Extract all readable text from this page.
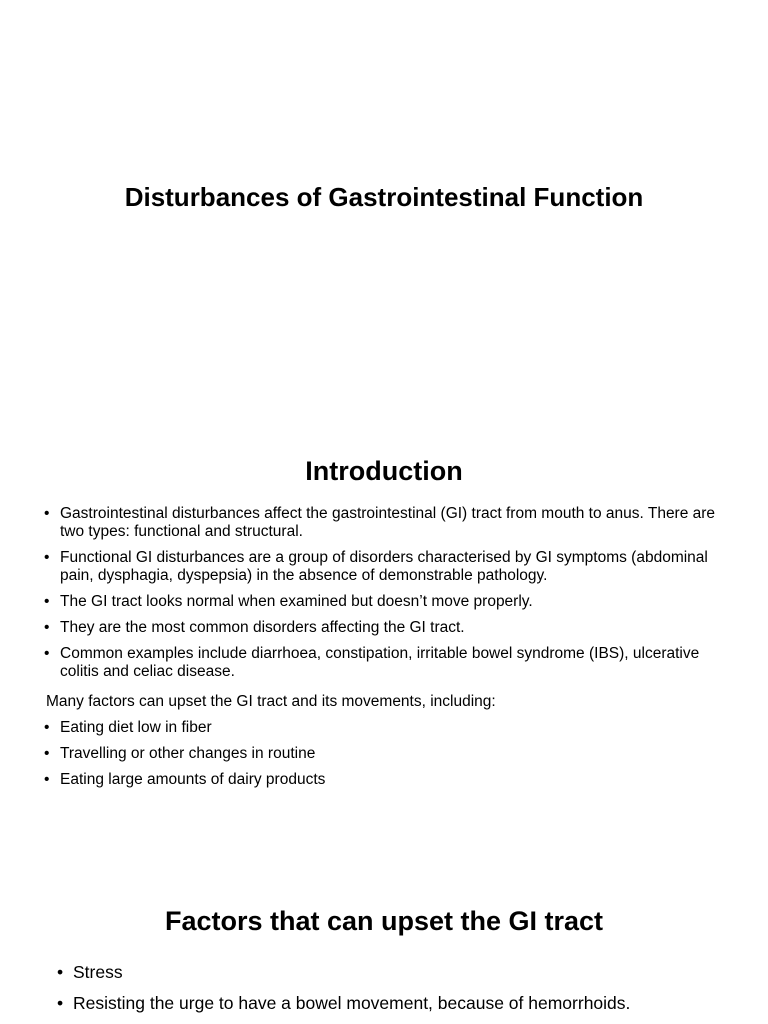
Disturbances of Gastrointestinal Function
Introduction
• Gastrointestinal disturbances affect the gastrointestinal (GI) tract from mouth to anus. There are two types: functional and structural.
• Functional GI disturbances are a group of disorders characterised by GI symptoms (abdominal pain, dysphagia, dyspepsia) in the absence of demonstrable pathology.
• The GI tract looks normal when examined but doesn’t move properly.
• They are the most common disorders affecting the GI tract.
• Common examples include diarrhoea, constipation, irritable bowel syndrome (IBS), ulcerative colitis and celiac disease.

Many factors can upset the GI tract and its movements, including:

• Eating diet low in fiber
• Travelling or other changes in routine
• Eating large amounts of dairy products
Factors that can upset the GI tract
• Stress
• Resisting the urge to have a bowel movement, because of hemorrhoids.
